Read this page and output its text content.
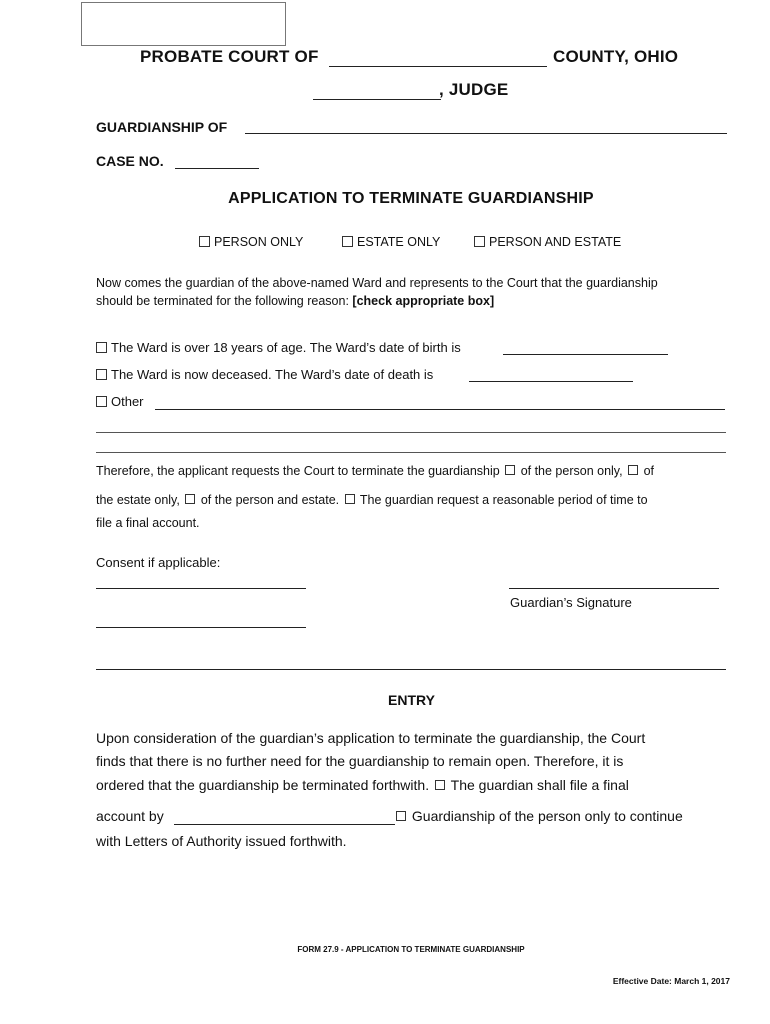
PROBATE COURT OF	COUNTY, OHIO
, JUDGE
GUARDIANSHIP OF
CASE NO.
APPLICATION TO TERMINATE GUARDIANSHIP
PERSON ONLY	ESTATE ONLY	PERSON AND ESTATE
Now comes the guardian of the above-named Ward and represents to the Court that the guardianship
should be terminated for the following reason: [check appropriate box]
The Ward is over 18 years of age. The Ward’s date of birth is
The Ward is now deceased. The Ward’s date of death is
Other
Therefore, the applicant requests the Court to terminate the guardianship of the person only, of
the estate only, of the person and estate. The guardian request a reasonable period of time to
file a final account.
Consent if applicable:
Guardian’s Signature
ENTRY
Upon consideration of the guardian’s application to terminate the guardianship, the Court
finds that there is no further need for the guardianship to remain open. Therefore, it is
ordered that the guardianship be terminated forthwith. The guardian shall file a final
account by	Guardianship of the person only to continue
with Letters of Authority issued forthwith.
FORM 27.9 - APPLICATION TO TERMINATE GUARDIANSHIP
Effective Date: March 1, 2017
